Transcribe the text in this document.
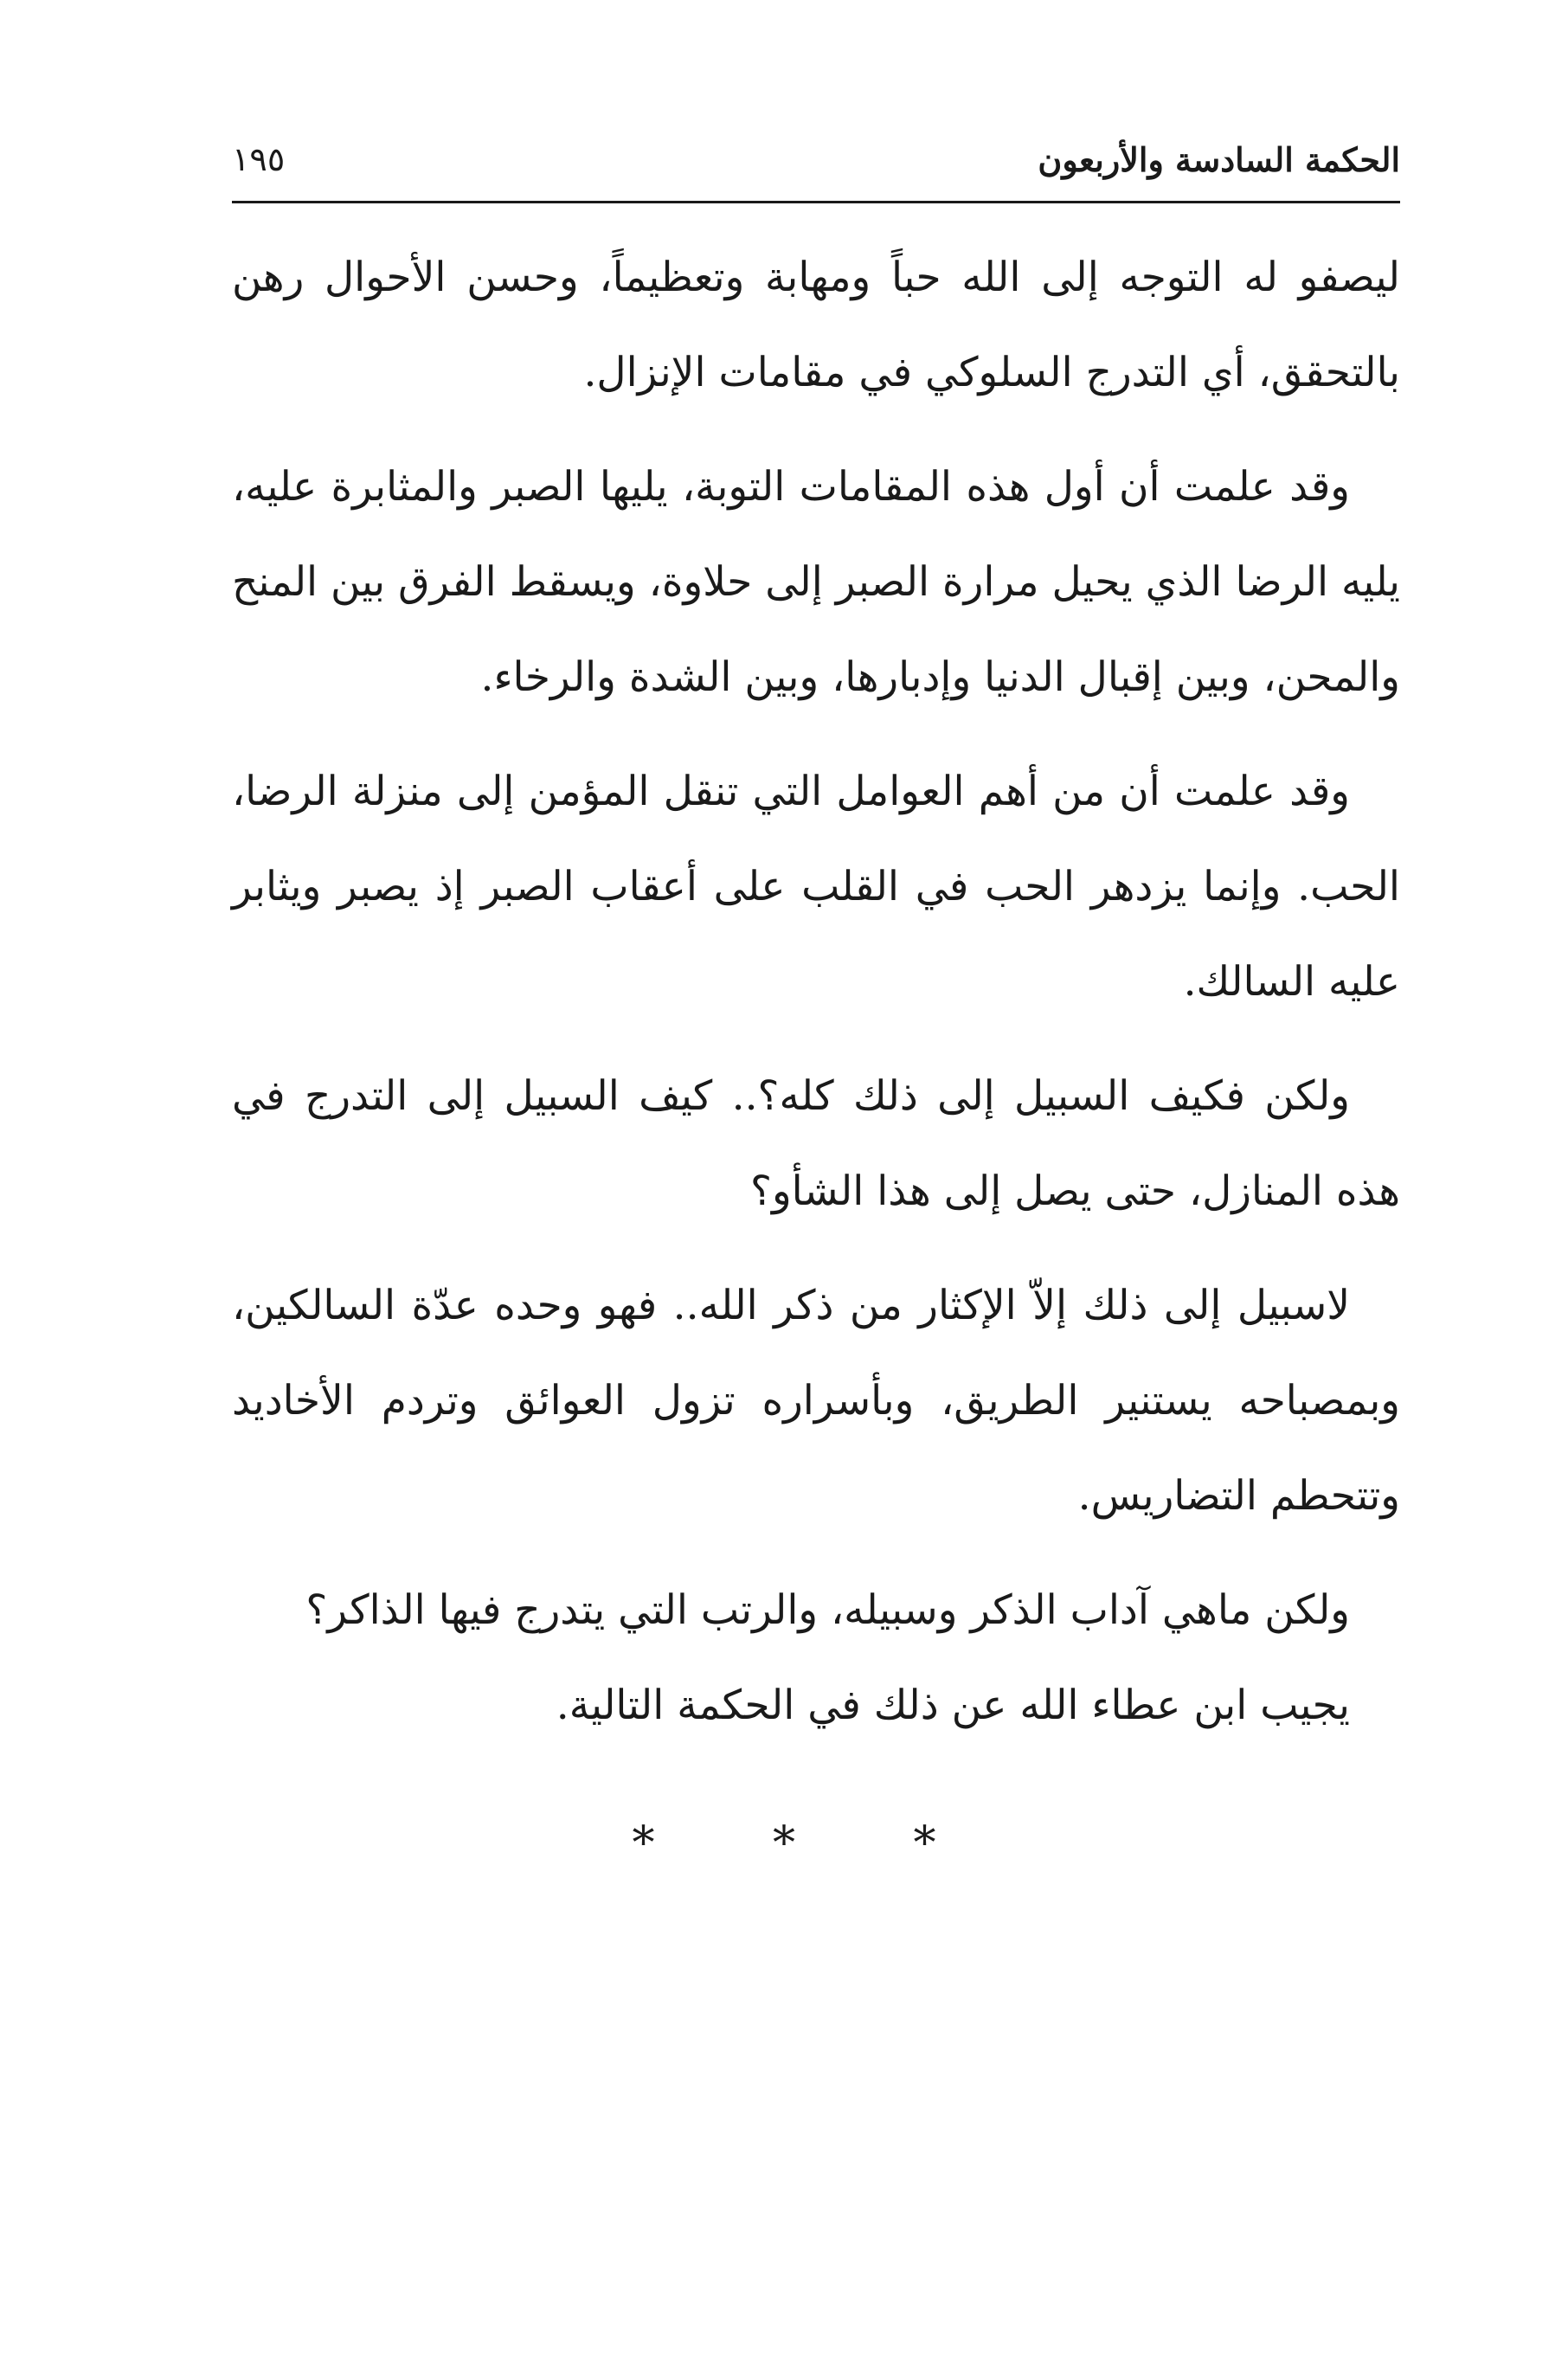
الحكمة السادسة والأربعون
١٩٥

ليصفو له التوجه إلى الله حباً ومهابة وتعظيماً، وحسن الأحوال رهن بالتحقق، أي التدرج السلوكي في مقامات الإنزال.

وقد علمت أن أول هذه المقامات التوبة، يليها الصبر والمثابرة عليه، يليه الرضا الذي يحيل مرارة الصبر إلى حلاوة، ويسقط الفرق بين المنح والمحن، وبين إقبال الدنيا وإدبارها، وبين الشدة والرخاء.

وقد علمت أن من أهم العوامل التي تنقل المؤمن إلى منزلة الرضا، الحب. وإنما يزدهر الحب في القلب على أعقاب الصبر إذ يصبر ويثابر عليه السالك.

ولكن فكيف السبيل إلى ذلك كله؟.. كيف السبيل إلى التدرج في هذه المنازل، حتى يصل إلى هذا الشأو؟

لاسبيل إلى ذلك إلاّ الإكثار من ذكر الله.. فهو وحده عدّة السالكين، وبمصباحه يستنير الطريق، وبأسراره تزول العوائق وتردم الأخاديد وتتحطم التضاريس.

ولكن ماهي آداب الذكر وسبيله، والرتب التي يتدرج فيها الذاكر؟

يجيب ابن عطاء الله عن ذلك في الحكمة التالية.

*	*	*
